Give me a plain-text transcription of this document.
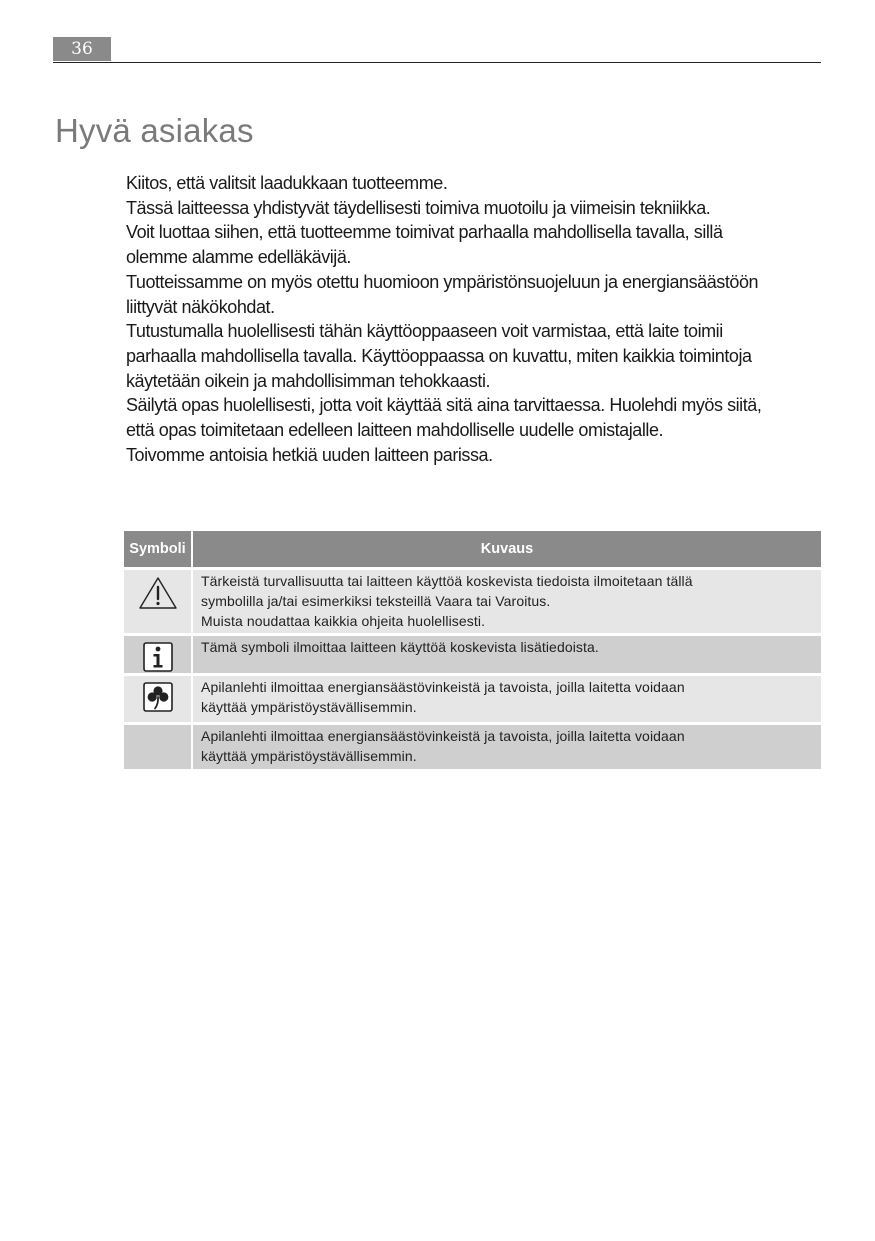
36
Hyvä asiakas

Kiitos, että valitsit laadukkaan tuotteemme.

Tässä laitteessa yhdistyvät täydellisesti toimiva muotoilu ja viimeisin tekniikka.

Voit luottaa siihen, että tuotteemme toimivat parhaalla mahdollisella tavalla, sillä

olemme alamme edelläkävijä.

Tuotteissamme on myös otettu huomioon ympäristönsuojeluun ja energiansäästöön

liittyvät näkökohdat.

Tutustumalla huolellisesti tähän käyttöoppaaseen voit varmistaa, että laite toimii

parhaalla mahdollisella tavalla. Käyttöoppaassa on kuvattu, miten kaikkia toimintoja

käytetään oikein ja mahdollisimman tehokkaasti.

Säilytä opas huolellisesti, jotta voit käyttää sitä aina tarvittaessa. Huolehdi myös siitä,

että opas toimitetaan edelleen laitteen mahdolliselle uudelle omistajalle.

Toivomme antoisia hetkiä uuden laitteen parissa.

Symboli	Kuvaus
Tärkeistä turvallisuutta tai laitteen käyttöä koskevista tiedoista ilmoitetaan tällä
symbolilla ja/tai esimerkiksi teksteillä Vaara tai Varoitus.
Muista noudattaa kaikkia ohjeita huolellisesti.
Tämä symboli ilmoittaa laitteen käyttöä koskevista lisätiedoista.
Apilanlehti ilmoittaa energiansäästövinkeistä ja tavoista, joilla laitetta voidaan
käyttää ympäristöystävällisemmin.
Apilanlehti ilmoittaa energiansäästövinkeistä ja tavoista, joilla laitetta voidaan
käyttää ympäristöystävällisemmin.
